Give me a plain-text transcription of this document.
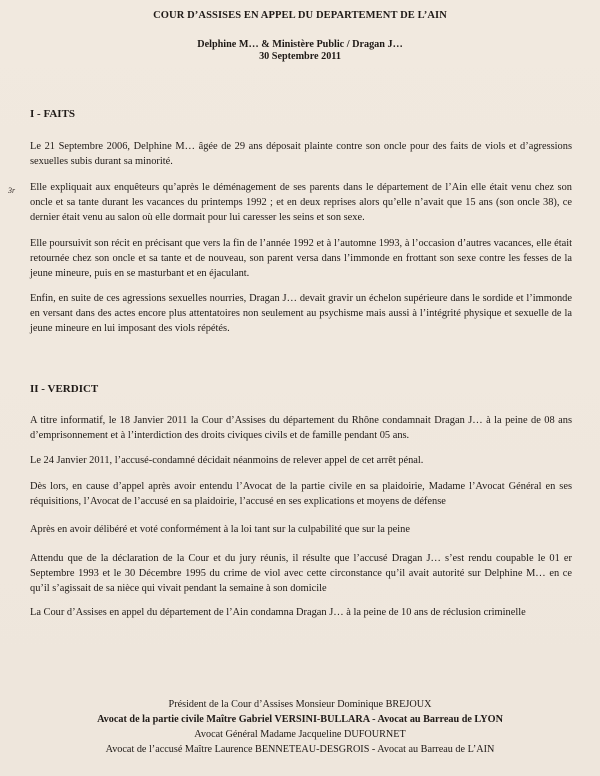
COUR D’ASSISES EN APPEL DU DEPARTEMENT DE L’AIN
Delphine M… & Ministère Public / Dragan J…
30 Septembre 2011
I - FAITS
Le 21 Septembre 2006, Delphine M… âgée de 29 ans déposait plainte contre son oncle pour des faits de viols et d’agressions sexuelles subis durant sa minorité.
3r Elle expliquait aux enquêteurs qu’après le déménagement de ses parents dans le département de l’Ain elle était venu chez son oncle et sa tante durant les vacances du printemps 1992 ; et en deux reprises alors qu’elle n’avait que 15 ans (son oncle 38), ce dernier était venu au salon où elle dormait pour lui caresser les seins et son sexe.
Elle poursuivit son récit en précisant que vers la fin de l’année 1992 et à l’automne 1993, à l’occasion d’autres vacances, elle était retournée chez son oncle et sa tante et de nouveau, son parent versa dans l’immonde en frottant son sexe contre les fesses de la jeune mineure, puis en se masturbant et en éjaculant.
Enfin, en suite de ces agressions sexuelles nourries, Dragan J… devait gravir un échelon supérieure dans le sordide et l’immonde en versant dans des actes encore plus attentatoires non seulement au psychisme mais aussi à l’intégrité physique et sexuelle de la jeune mineure en lui imposant des viols répétés.
II - VERDICT
A titre informatif, le 18 Janvier 2011 la Cour d’Assises du département du Rhône condamnait Dragan J… à la peine de 08 ans d’emprisonnement et à l’interdiction des droits civiques civils et de famille pendant 05 ans.
Le 24 Janvier 2011, l’accusé-condamné décidait néanmoins de relever appel de cet arrêt pénal.
Dès lors, en cause d’appel après avoir entendu l’Avocat de la partie civile en sa plaidoirie, Madame l’Avocat Général en ses réquisitions, l’Avocat de l’accusé en sa plaidoirie, l’accusé en ses explications et moyens de défense
Après en avoir délibéré et voté conformément à la loi tant sur la culpabilité que sur la peine
Attendu que de la déclaration de la Cour et du jury réunis, il résulte que l’accusé Dragan J… s’est rendu coupable le 01 er Septembre 1993 et le 30 Décembre 1995 du crime de viol avec cette circonstance qu’il avait autorité sur Delphine M… en ce qu’il s’agissait de sa nièce qui vivait pendant la semaine à son domicile
La Cour d’Assises en appel du département de l’Ain condamna Dragan J… à la peine de 10 ans de réclusion criminelle
Président de la Cour d’Assises Monsieur Dominique BREJOUX
Avocat de la partie civile Maître Gabriel VERSINI-BULLARA - Avocat au Barreau de LYON
Avocat Général Madame Jacqueline DUFOURNET
Avocat de l’accusé Maître Laurence BENNETEAU-DESGROIS - Avocat au Barreau de L’AIN
